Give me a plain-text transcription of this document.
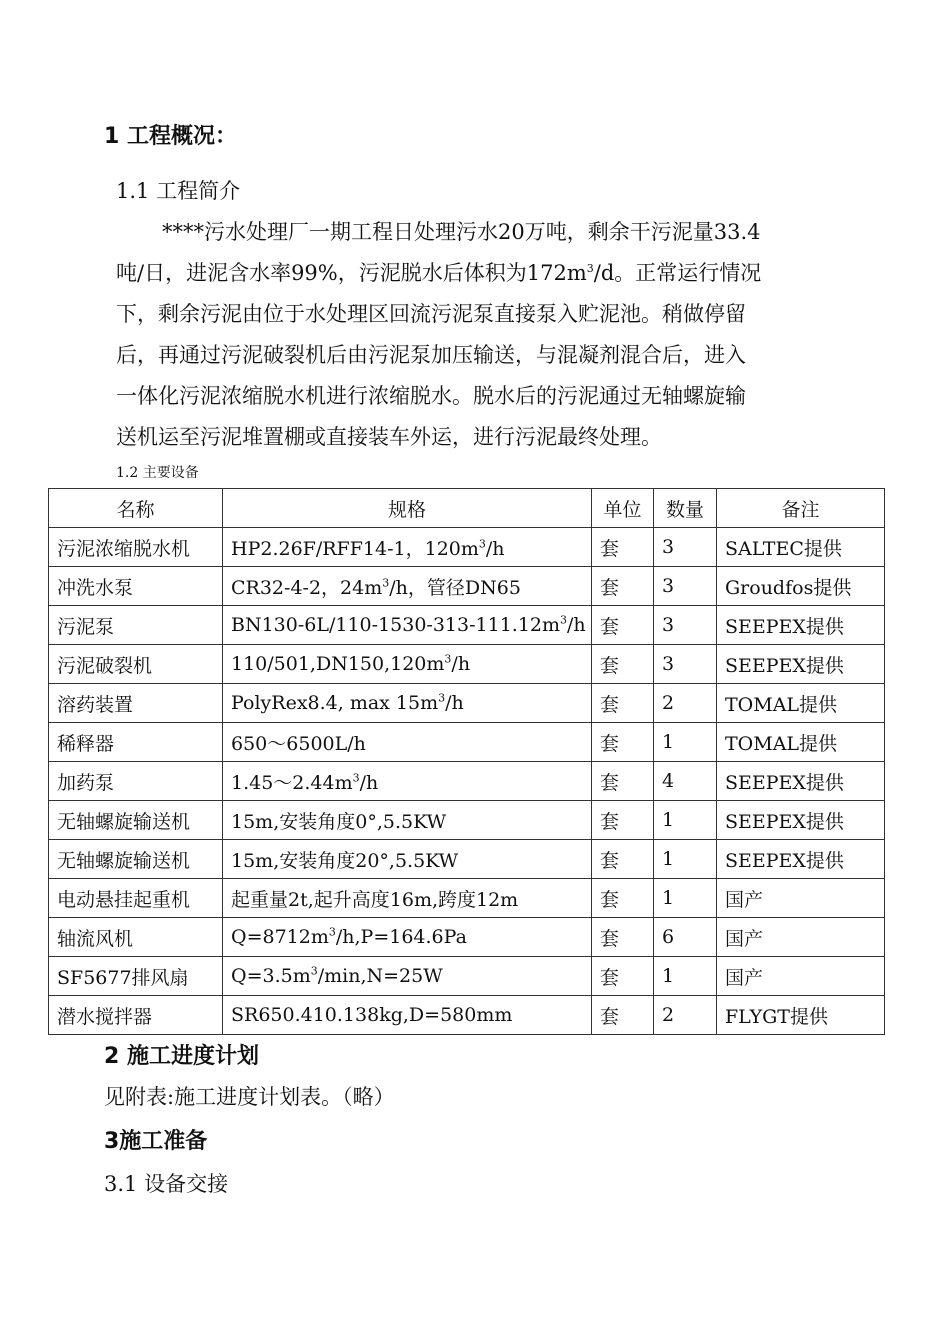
1 工程概况：
1.1 工程简介
****污水处理厂一期工程日处理污水20万吨，剩余干污泥量33.4
吨/日，进泥含水率99%，污泥脱水后体积为$172m^3/d$。正常运行情况
下，剩余污泥由位于水处理区回流污泥泵直接泵入贮泥池。稍做停留
后，再通过污泥破裂机后由污泥泵加压输送，与混凝剂混合后，进入
一体化污泥浓缩脱水机进行浓缩脱水。脱水后的污泥通过无轴螺旋输
送机运至污泥堆置棚或直接装车外运，进行污泥最终处理。
1.2 主要设备
名称	规格	单位	数量	备注
污泥浓缩脱水机	HP2.26F/RFF14-1，$120m^3/h$	套	3	SALTEC提供
冲洗水泵	CR32-4-2，$24m^3/h$，管径DN65	套	3	Groudfos提供
污泥泵	$BN130-6L/110-1530-313-111.12m^3/h$	套	3	SEEPEX提供
污泥破裂机	$110/501,DN150,120m^3/h$	套	3	SEEPEX提供
溶药装置	PolyRex8.4, $\max 15m^3/h$	套	2	TOMAL提供
稀释器	650～6500L/h	套	1	TOMAL提供
加药泵	$1.45\sim 2.44m^3/h$	套	4	SEEPEX提供
无轴螺旋输送机	15m,安装角度0°,5.5KW	套	1	SEEPEX提供
无轴螺旋输送机	15m,安装角度20°,5.5KW	套	1	SEEPEX提供
电动悬挂起重机	起重量2t,起升高度16m,跨度12m	套	1	国产
轴流风机	$Q=8712m^3/h,P=164.6Pa$	套	6	国产
SF5677排风扇	$Q=3.5m^3/\min,N=25W$	套	1	国产
潜水搅拌器	SR650.410.138kg,D=580mm	套	2	FLYGT提供
2 施工进度计划
见附表:施工进度计划表。（略）
3施工准备
3.1 设备交接
